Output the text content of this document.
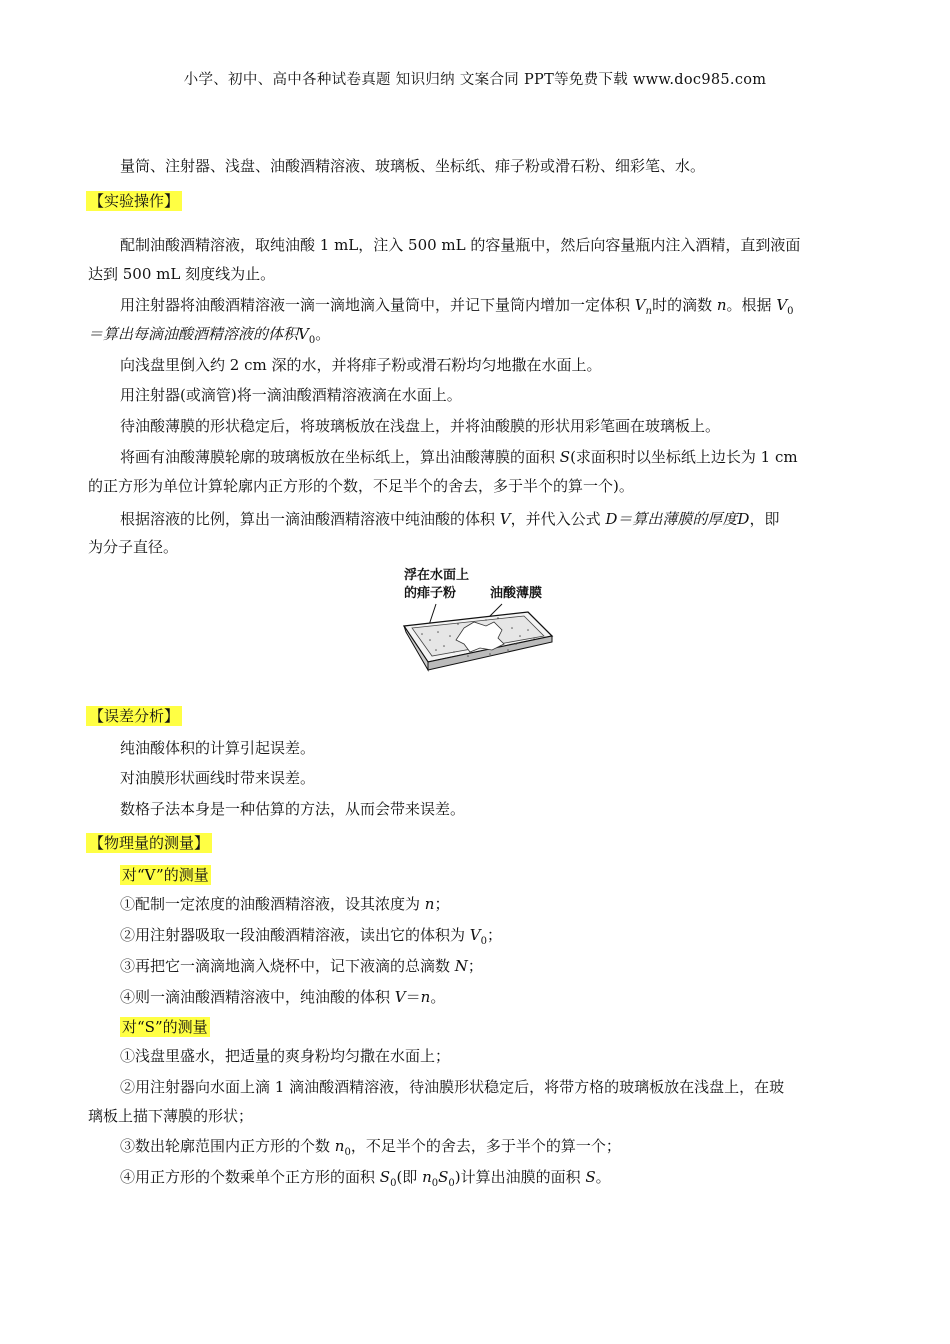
小学、初中、高中各种试卷真题 知识归纳 文案合同 PPT等免费下载 www.doc985.com
量筒、注射器、浅盘、油酸酒精溶液、玻璃板、坐标纸、痱子粉或滑石粉、细彩笔、水。
【实验操作】
配制油酸酒精溶液，取纯油酸 1 mL，注入 500 mL 的容量瓶中，然后向容量瓶内注入酒精，直到液面
达到 500 mL 刻度线为止。
用注射器将油酸酒精溶液一滴一滴地滴入量筒中，并记下量筒内增加一定体积 $V_n$时的滴数 n。根据 $V_0$
＝算出每滴油酸酒精溶液的体积$V_0$。
向浅盘里倒入约 2 cm 深的水，并将痱子粉或滑石粉均匀地撒在水面上。
用注射器(或滴管)将一滴油酸酒精溶液滴在水面上。
待油酸薄膜的形状稳定后，将玻璃板放在浅盘上，并将油酸膜的形状用彩笔画在玻璃板上。
将画有油酸薄膜轮廓的玻璃板放在坐标纸上，算出油酸薄膜的面积 S(求面积时以坐标纸上边长为 1 cm
的正方形为单位计算轮廓内正方形的个数，不足半个的舍去，多于半个的算一个)。
根据溶液的比例，算出一滴油酸酒精溶液中纯油酸的体积 V，并代入公式 D＝算出薄膜的厚度D，即
为分子直径。
浮在水面上
的痱子粉	油酸薄膜
【误差分析】
纯油酸体积的计算引起误差。
对油膜形状画线时带来误差。
数格子法本身是一种估算的方法，从而会带来误差。
【物理量的测量】
对“V”的测量
①配制一定浓度的油酸酒精溶液，设其浓度为 n；
②用注射器吸取一段油酸酒精溶液，读出它的体积为 $V_0$；
③再把它一滴滴地滴入烧杯中，记下液滴的总滴数 N；
④则一滴油酸酒精溶液中，纯油酸的体积 V＝n。
对“S”的测量
①浅盘里盛水，把适量的爽身粉均匀撒在水面上；
②用注射器向水面上滴 1 滴油酸酒精溶液，待油膜形状稳定后，将带方格的玻璃板放在浅盘上，在玻
璃板上描下薄膜的形状；
③数出轮廓范围内正方形的个数 $n_0$，不足半个的舍去，多于半个的算一个；
④用正方形的个数乘单个正方形的面积 $S_0$(即 $n_0S_0$)计算出油膜的面积 S。
